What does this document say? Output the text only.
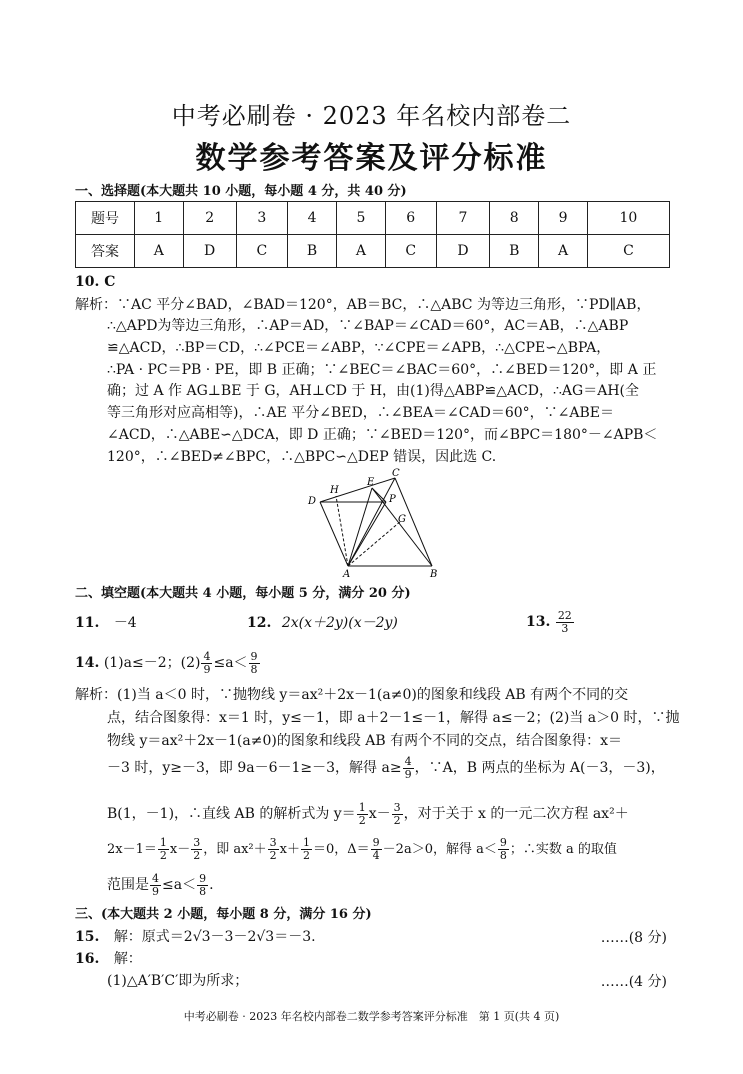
中考必刷卷 · 2023 年名校内部卷二
数学参考答案及评分标准
一、选择题(本大题共 10 小题，每小题 4 分，共 40 分)
题号	1	2	3	4	5	6	7	8	9	10
答案	A	D	C	B	A	C	D	B	A	C
10. C
解析：∵AC 平分∠BAD，∠BAD＝120°，AB＝BC，∴△ABC 为等边三角形，∵PD∥AB，
∴△APD为等边三角形，∴AP＝AD，∵∠BAP＝∠CAD＝60°，AC＝AB，∴△ABP
≌△ACD，∴BP＝CD，∴∠PCE＝∠ABP，∵∠CPE＝∠APB，∴△CPE∽△BPA，
∴PA · PC＝PB · PE，即 B 正确；∵∠BEC＝∠BAC＝60°，∴∠BED＝120°，即 A 正
确；过 A 作 AG⊥BE 于 G，AH⊥CD 于 H，由(1)得△ABP≌△ACD，∴AG＝AH(全
等三角形对应高相等)，∴AE 平分∠BED，∴∠BEA＝∠CAD＝60°，∵∠ABE＝
∠ACD，∴△ABE∽△DCA，即 D 正确；∵∠BED＝120°，而∠BPC＝180°－∠APB＜
120°，∴∠BED≠∠BPC，∴△BPC∽△DEP 错误，因此选 C.
D
H
E
C
P
G
A	B
二、填空题(本大题共 4 小题，每小题 5 分，满分 20 分)
11. －4	12. 2x(x＋2y)(x－2y)	13. $\frac{22}{3}$
14. (1)a≤－2；$(2) \frac{4}{9} \le a< \frac{9}{8}$
解析：(1)当 a＜0 时，∵抛物线 y＝ax²＋2x－1(a≠0)的图象和线段 AB 有两个不同的交
点，结合图象得：x＝1 时，y≤－1，即 a＋2－1≤－1，解得 a≤－2；(2)当 a＞0 时，∵抛
物线 y＝ax²＋2x－1(a≠0)的图象和线段 AB 有两个不同的交点，结合图象得：x＝
－3 时，y≥－3，即 9a－6－1≥－3，解得 $a\ge \frac{4}{9}$ ，∵A，B 两点的坐标为 A(－3，－3)，
B(1，－1)，∴直线 AB 的解析式为 $y= \frac{1}{2} x- \frac{3}{2}$ ，对于关于 x 的一元二次方程 ax²＋
$2x-1= \frac{1}{2} x- \frac{3}{2}$ ，即 $ax^2+ \frac{3}{2} x+ \frac{1}{2} =0$，$\Delta= \frac{9}{4} -2a>0$，解得 $a< \frac{9}{8}$ ；∴实数 a 的取值
范围是 $\frac{4}{9} \le a< \frac{9}{8}$ .
三、(本大题共 2 小题，每小题 8 分，满分 16 分)
15. 解：原式＝2√3－3－2√3＝－3.	……(8 分)
16. 解：
(1)△A′B′C′即为所求；	……(4 分)
中考必刷卷 · 2023 年名校内部卷二数学参考答案评分标准　第 1 页(共 4 页)
